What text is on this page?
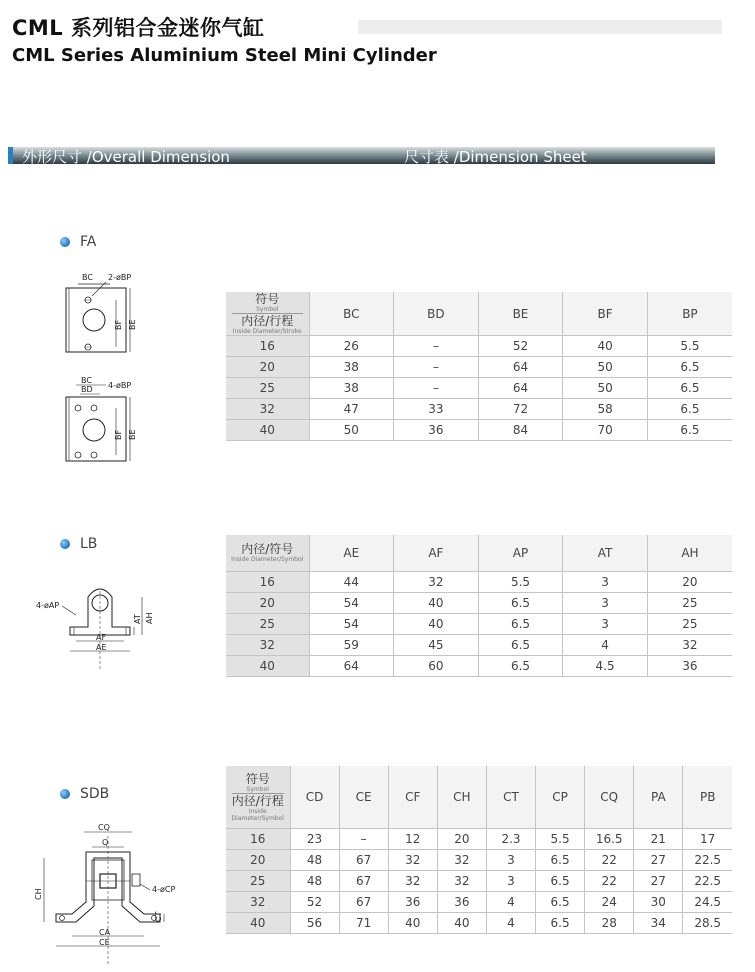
CML 系列铝合金迷你气缸
CML Series Aluminium Steel Mini Cylinder
外形尺寸 /Overall Dimension	尺寸表 /Dimension Sheet
FA
BC 2-øBP
BF BE
BC
BD 4-øBP
BF BE
符号
Symbol
内径/行程
Inside Diameter/Stroke	BC	BD	BE	BF	BP
16	26	–	52	40	5.5
20	38	–	64	50	6.5
25	38	–	64	50	6.5
32	47	33	72	58	6.5
40	50	36	84	70	6.5
LB
4-øAP
AT AH
AF
AE
内径/符号
Inside Diameter/Symbol	AE	AF	AP	AT	AH
16	44	32	5.5	3	20
20	54	40	6.5	3	25
25	54	40	6.5	3	25
32	59	45	6.5	4	32
40	64	60	6.5	4.5	36
SDB
CQ
Q
4-øCP
CT
CH
CA
CE
符号
Symbol
内径/行程
Inside Diameter/Symbol	CD	CE	CF	CH	CT	CP	CQ	PA	PB
16	23	–	12	20	2.3	5.5	16.5	21	17
20	48	67	32	32	3	6.5	22	27	22.5
25	48	67	32	32	3	6.5	22	27	22.5
32	52	67	36	36	4	6.5	24	30	24.5
40	56	71	40	40	4	6.5	28	34	28.5
